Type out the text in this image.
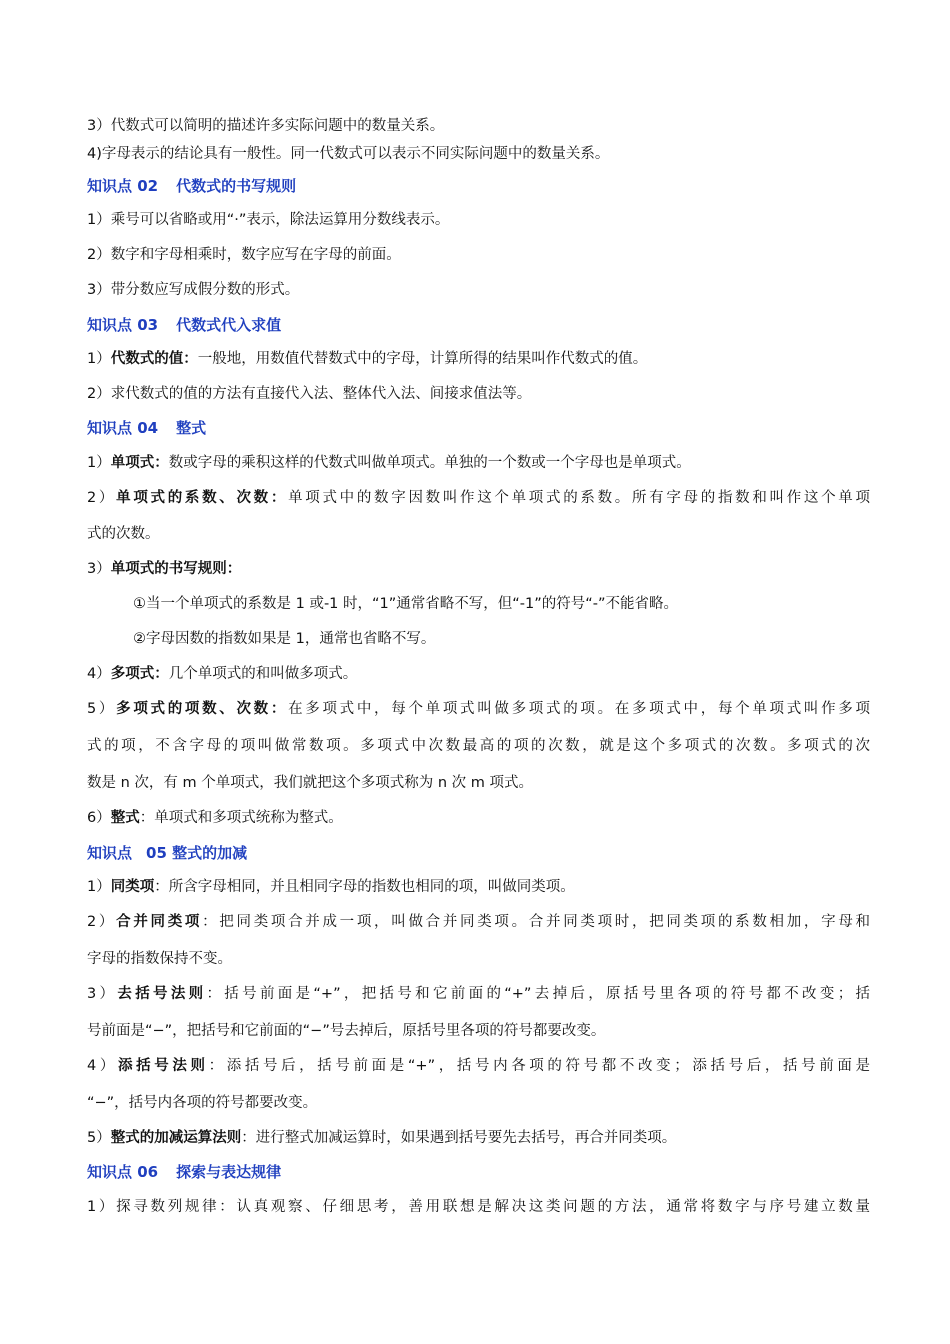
3）代数式可以简明的描述许多实际问题中的数量关系。
4)字母表示的结论具有一般性。同一代数式可以表示不同实际问题中的数量关系。
知识点 02 代数式的书写规则
1）乘号可以省略或用“·”表示，除法运算用分数线表示。
2）数字和字母相乘时，数字应写在字母的前面。
3）带分数应写成假分数的形式。
知识点 03 代数式代入求值
1）代数式的值：一般地，用数值代替数式中的字母，计算所得的结果叫作代数式的值。
2）求代数式的值的方法有直接代入法、整体代入法、间接求值法等。
知识点 04 整式
1）单项式：数或字母的乘积这样的代数式叫做单项式。单独的一个数或一个字母也是单项式。
2）单项式的系数、次数：单项式中的数字因数叫作这个单项式的系数。所有字母的指数和叫作这个单项
式的次数。
3）单项式的书写规则：
①当一个单项式的系数是 1 或-1 时，“1”通常省略不写，但“-1”的符号“-”不能省略。
②字母因数的指数如果是 1，通常也省略不写。
4）多项式：几个单项式的和叫做多项式。
5）多项式的项数、次数：在多项式中，每个单项式叫做多项式的项。在多项式中，每个单项式叫作多项
式的项，不含字母的项叫做常数项。多项式中次数最高的项的次数，就是这个多项式的次数。多项式的次
数是 n 次，有 m 个单项式，我们就把这个多项式称为 n 次 m 项式。
6）整式：单项式和多项式统称为整式。
知识点 05 整式的加减
1）同类项：所含字母相同，并且相同字母的指数也相同的项，叫做同类项。
2）合并同类项：把同类项合并成一项，叫做合并同类项。合并同类项时，把同类项的系数相加，字母和
字母的指数保持不变。
3）去括号法则：括号前面是“+”，把括号和它前面的“+”去掉后，原括号里各项的符号都不改变；括
号前面是“−”，把括号和它前面的“−”号去掉后，原括号里各项的符号都要改变。
4）添括号法则：添括号后，括号前面是“+”，括号内各项的符号都不改变；添括号后，括号前面是
“−”，括号内各项的符号都要改变。
5）整式的加减运算法则：进行整式加减运算时，如果遇到括号要先去括号，再合并同类项。
知识点 06 探索与表达规律
1）探寻数列规律：认真观察、仔细思考，善用联想是解决这类问题的方法，通常将数字与序号建立数量
